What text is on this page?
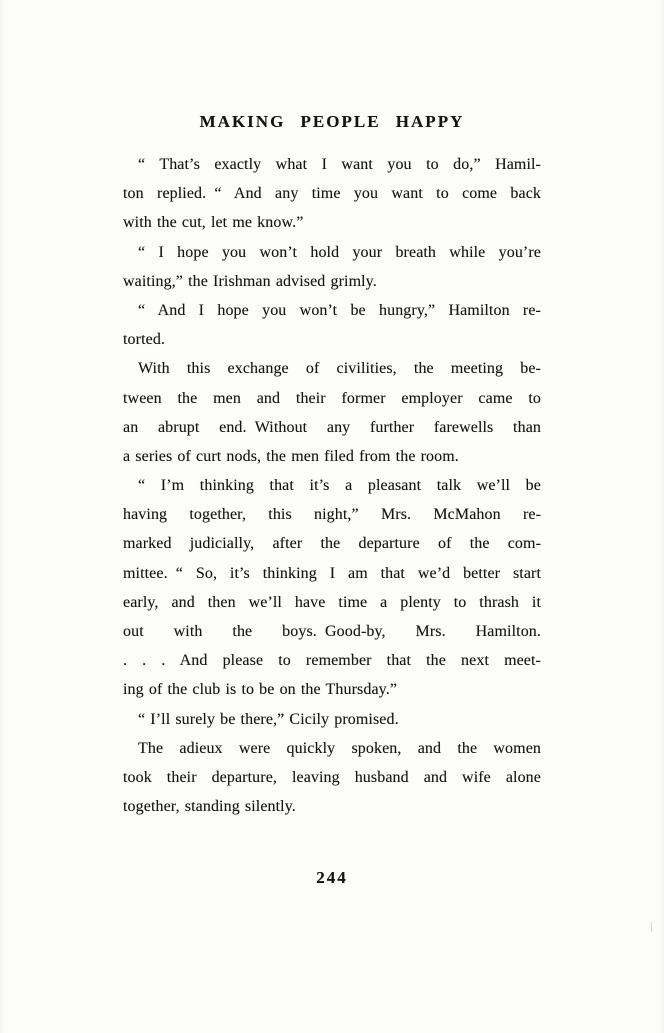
MAKING PEOPLE HAPPY
“ That’s exactly what I want you to do,” Hamil-
ton replied. “ And any time you want to come back
with the cut, let me know.”
“ I hope you won’t hold your breath while you’re
waiting,” the Irishman advised grimly.
“ And I hope you won’t be hungry,” Hamilton re-
torted.
With this exchange of civilities, the meeting be-
tween the men and their former employer came to
an abrupt end. Without any further farewells than
a series of curt nods, the men filed from the room.
“ I’m thinking that it’s a pleasant talk we’ll be
having together, this night,” Mrs. McMahon re-
marked judicially, after the departure of the com-
mittee. “ So, it’s thinking I am that we’d better start
early, and then we’ll have time a plenty to thrash it
out with the boys. Good-by, Mrs. Hamilton.
. . . And please to remember that the next meet-
ing of the club is to be on the Thursday.”
“ I’ll surely be there,” Cicily promised.
The adieux were quickly spoken, and the women
took their departure, leaving husband and wife alone
together, standing silently.
244
